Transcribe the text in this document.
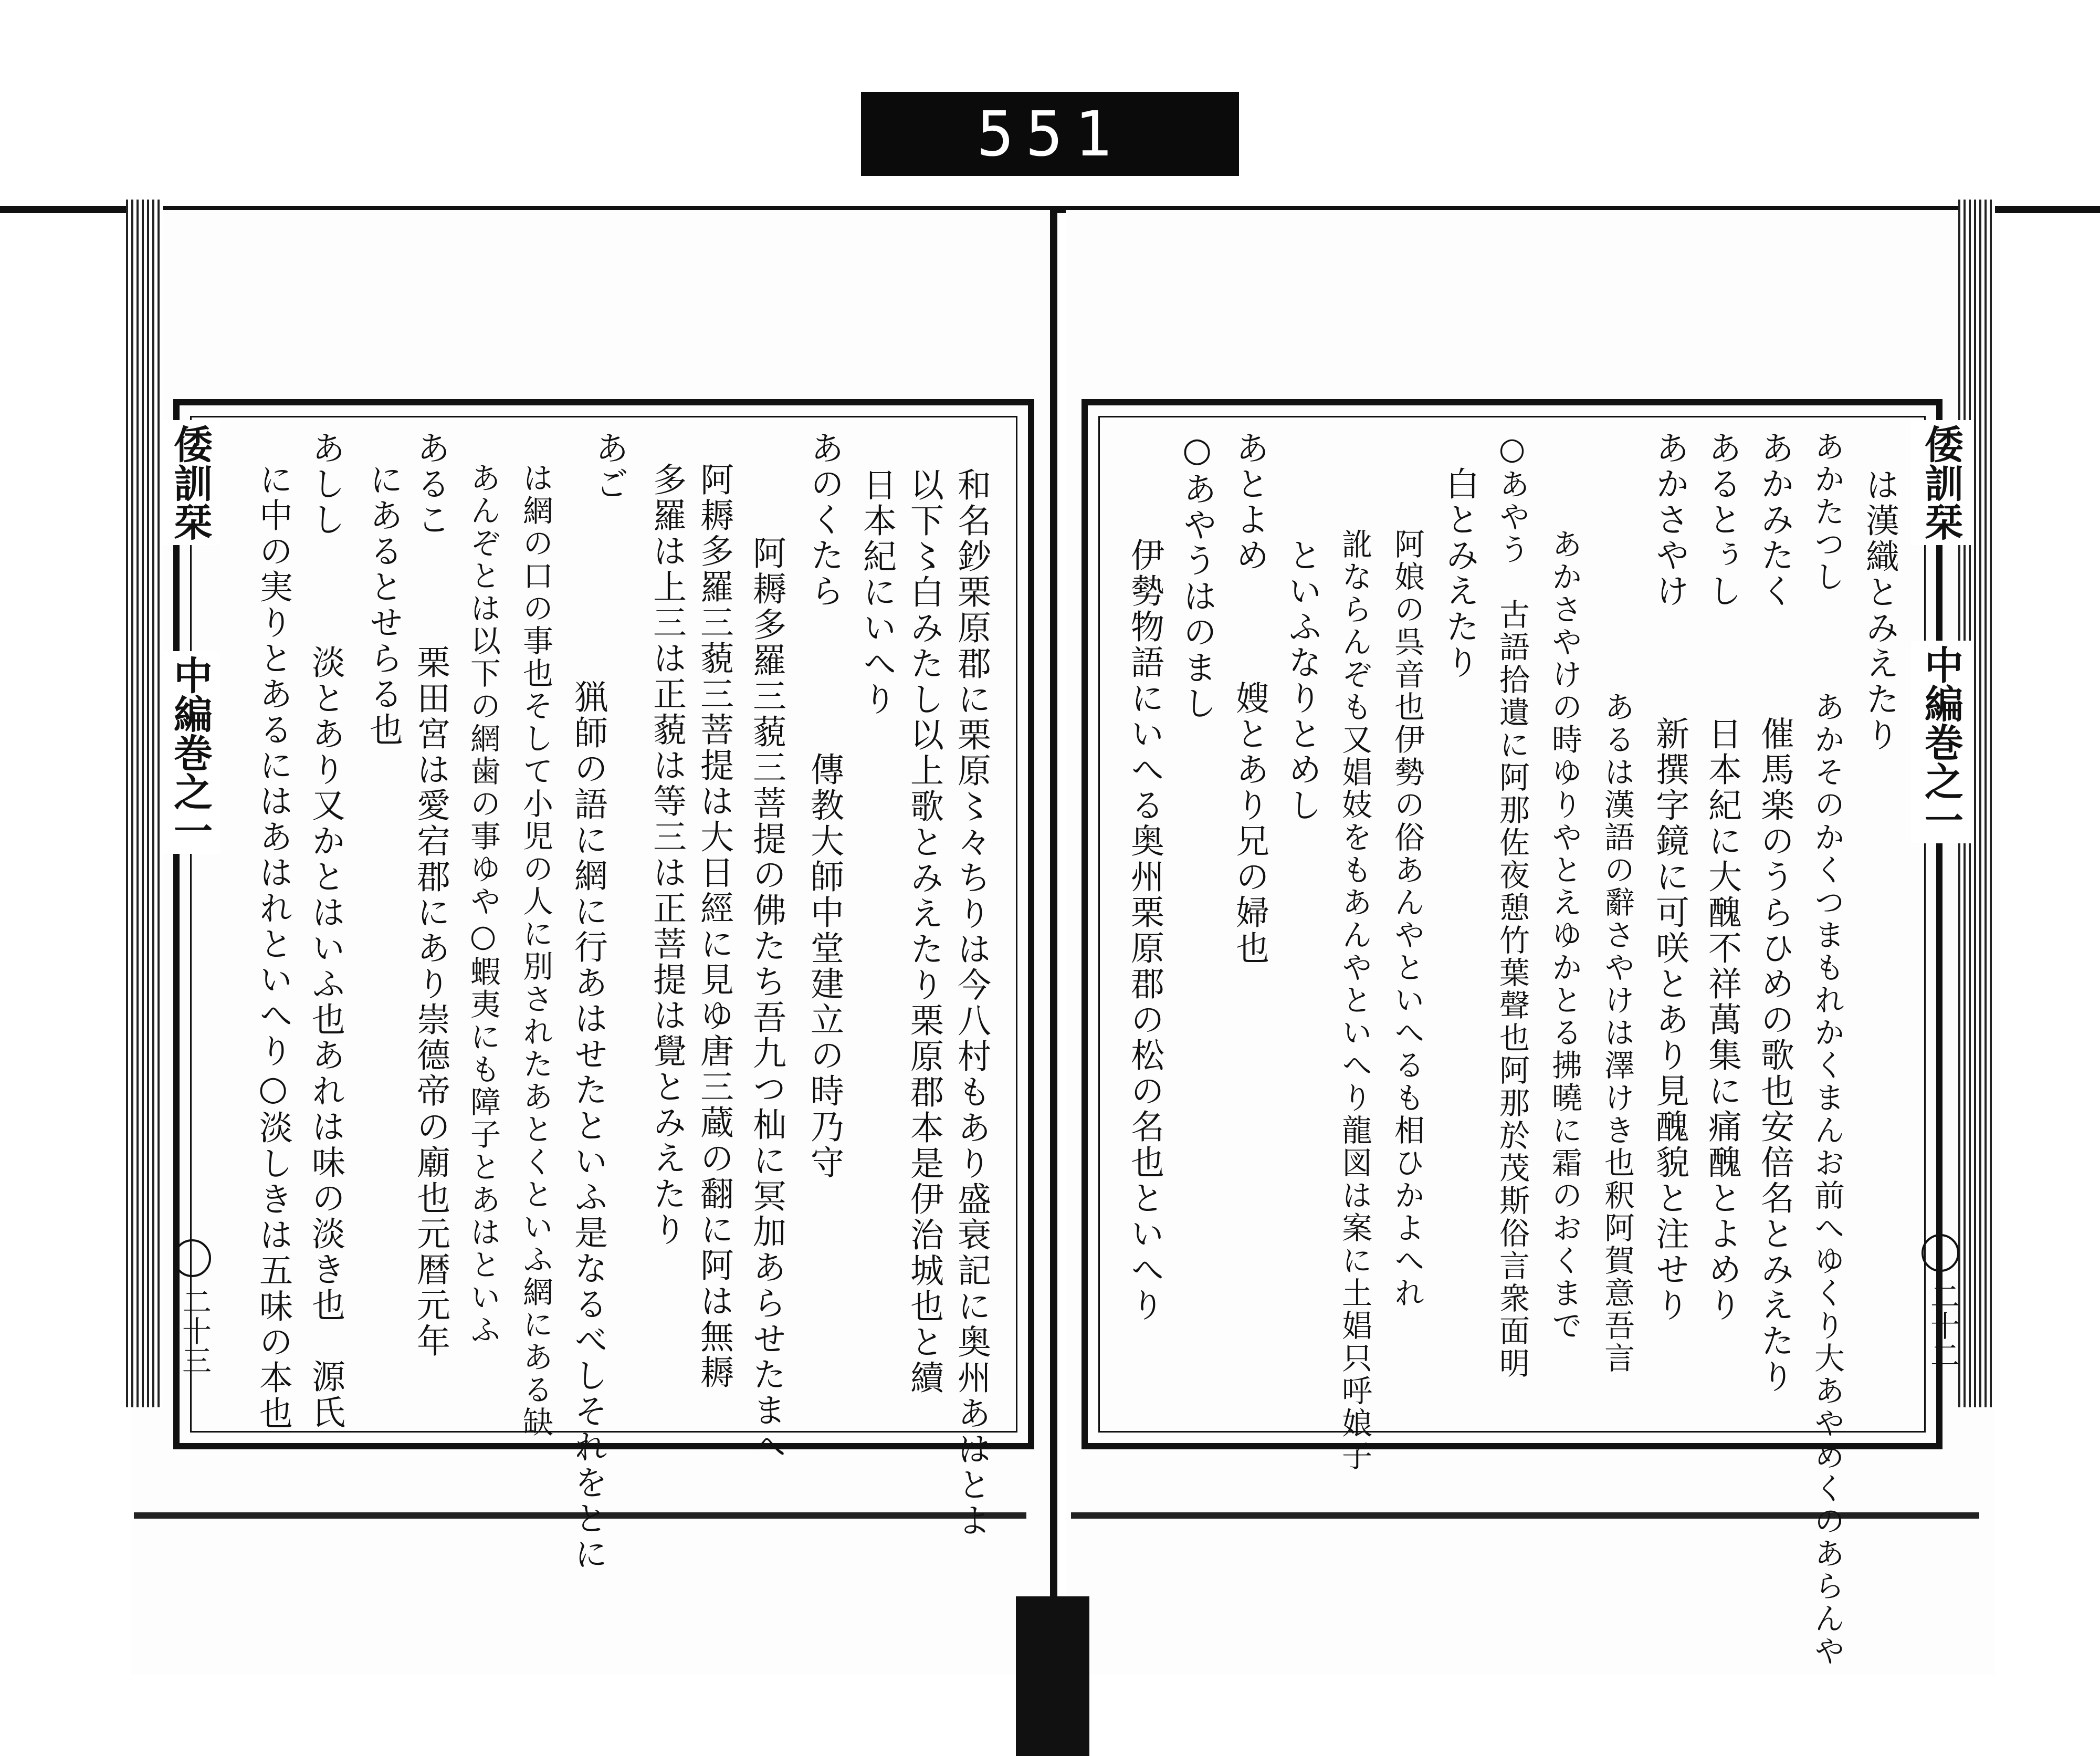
551
倭訓栞
中編巻之一
二十三	和名鈔栗原郡に栗原〻々ちりは今八村もあり盛衰記に奥州あはとよ
以下〻白みたし以上歌とみえたり栗原郡本是伊治城也と續
日本紀にいへり
あのくたら　　　　傳教大師中堂建立の時乃守
阿耨多羅三藐三菩提の佛たち吾九つ杣に冥加あらせたまへ
阿耨多羅三藐三菩提は大日經に見ゆ唐三蔵の翻に阿は無耨
多羅は上三は正藐は等三は正菩提は覺とみえたり
あご
　　　猟師の語に網に行あはせたといふ是なるべしそれをとに
は網の口の事也そして小児の人に別されたあとくといふ網にある缺
あんぞとは以下の網歯の事ゆや○蝦夷にも障子とあはといふ
あるこ　　　栗田宮は愛宕郡にあり崇德帝の廟也元暦元年
にあるとせらる也
あしし　　　淡とあり又かとはいふ也あれは味の淡き也　源氏
に中の実りとあるにはあはれといへり○淡しきは五味の本也	倭訓栞
中編巻之一
二十二
は漢織とみえたり
あかたつし　　　あかそのかくつまもれかくまんお前へゆくり大あやめくのあらんや
あかみたく　　　催馬楽のうらひめの歌也安倍名とみえたり
あるとぅし　　　日本紀に大醜不祥萬集に痛醜とよめり
あかさやけ　　　新撰字鏡に可咲とあり見醜貌と注せり
　　　　　　　　あるは漢語の辭さやけは澤けき也釈阿賀意吾言
　　　あかさやけの時ゆりやとえゆかとる拂曉に霜のおくまで
○あやう　古語拾遺に阿那佐夜憩竹葉聲也阿那於茂斯俗言衆面明
　白とみえたり
　　　阿娘の呉音也伊勢の俗あんやといへるも相ひかよへれ
　　　訛ならんぞも又娼妓をもあんやといへり龍図は案に土娼只呼娘子
　　　といふなりとめし
あとよめ　　　嫂とあり兄の婦也
○あやうはのまし
　　　伊勢物語にいへる奥州栗原郡の松の名也といへり
